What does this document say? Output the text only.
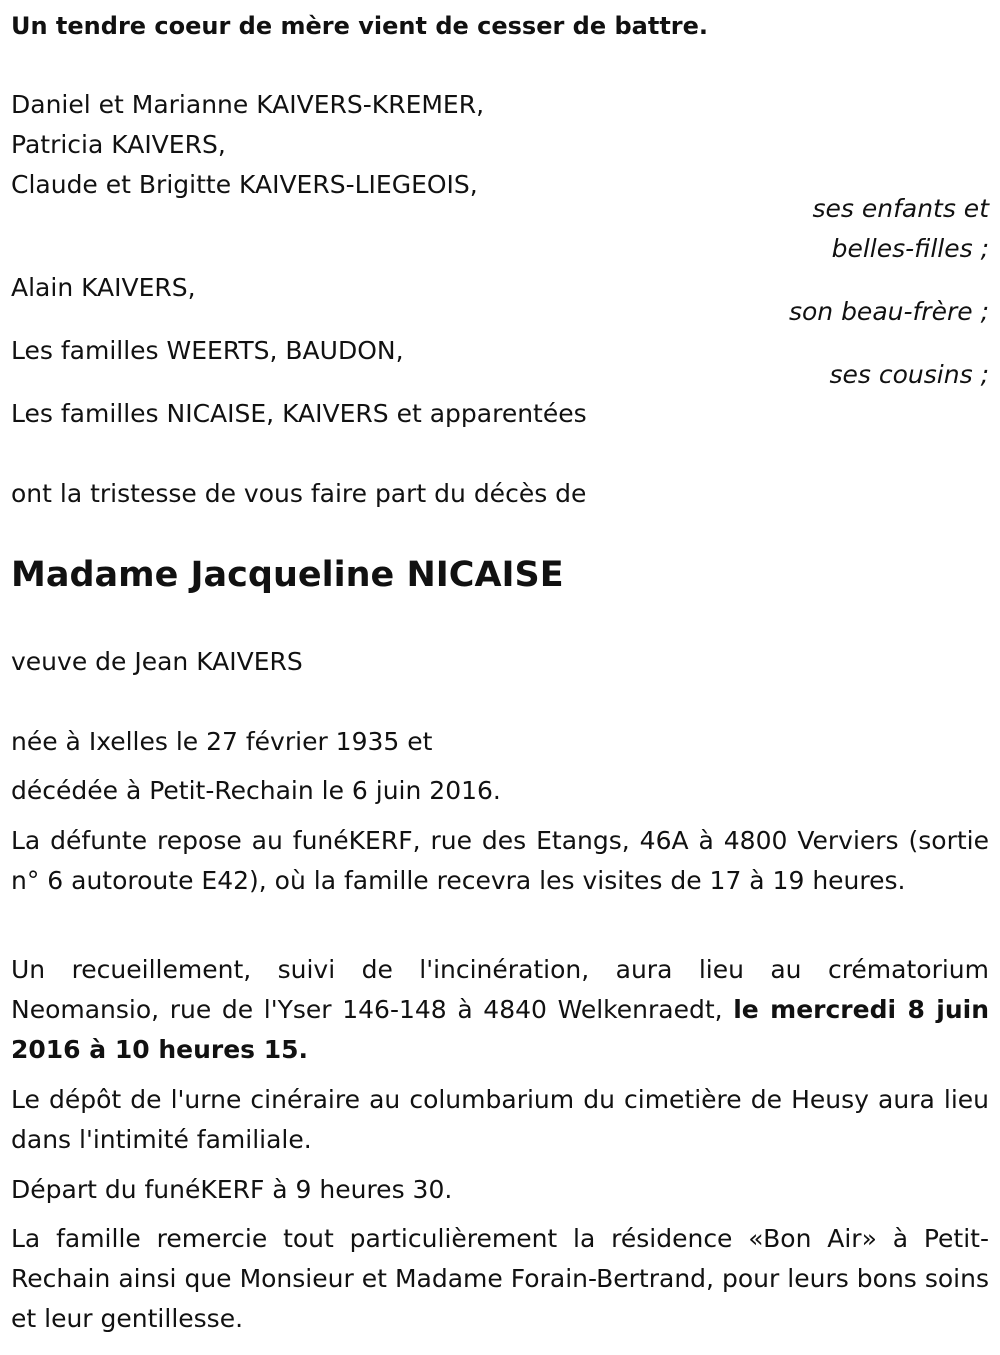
Un tendre coeur de mère vient de cesser de battre.
Daniel et Marianne KAIVERS-KREMER,
Patricia KAIVERS,
Claude et Brigitte KAIVERS-LIEGEOIS,
ses enfants et
belles-filles ;
Alain KAIVERS,
son beau-frère ;
Les familles WEERTS, BAUDON,
ses cousins ;
Les familles NICAISE, KAIVERS et apparentées
ont la tristesse de vous faire part du décès de
Madame Jacqueline NICAISE
veuve de Jean KAIVERS
née à Ixelles le 27 février 1935 et
décédée à Petit-Rechain le 6 juin 2016.
La défunte repose au funéKERF, rue des Etangs, 46A à 4800 Verviers (sortie n° 6 autoroute E42), où la famille recevra les visites de 17 à 19 heures.
Un recueillement, suivi de l'incinération, aura lieu au crématorium Neomansio, rue de l'Yser 146-148 à 4840 Welkenraedt, le mercredi 8 juin 2016 à 10 heures 15.
Le dépôt de l'urne cinéraire au columbarium du cimetière de Heusy aura lieu dans l'intimité familiale.
Départ du funéKERF à 9 heures 30.
La famille remercie tout particulièrement la résidence «Bon Air» à Petit-Rechain ainsi que Monsieur et Madame Forain-Bertrand, pour leurs bons soins et leur gentillesse.
